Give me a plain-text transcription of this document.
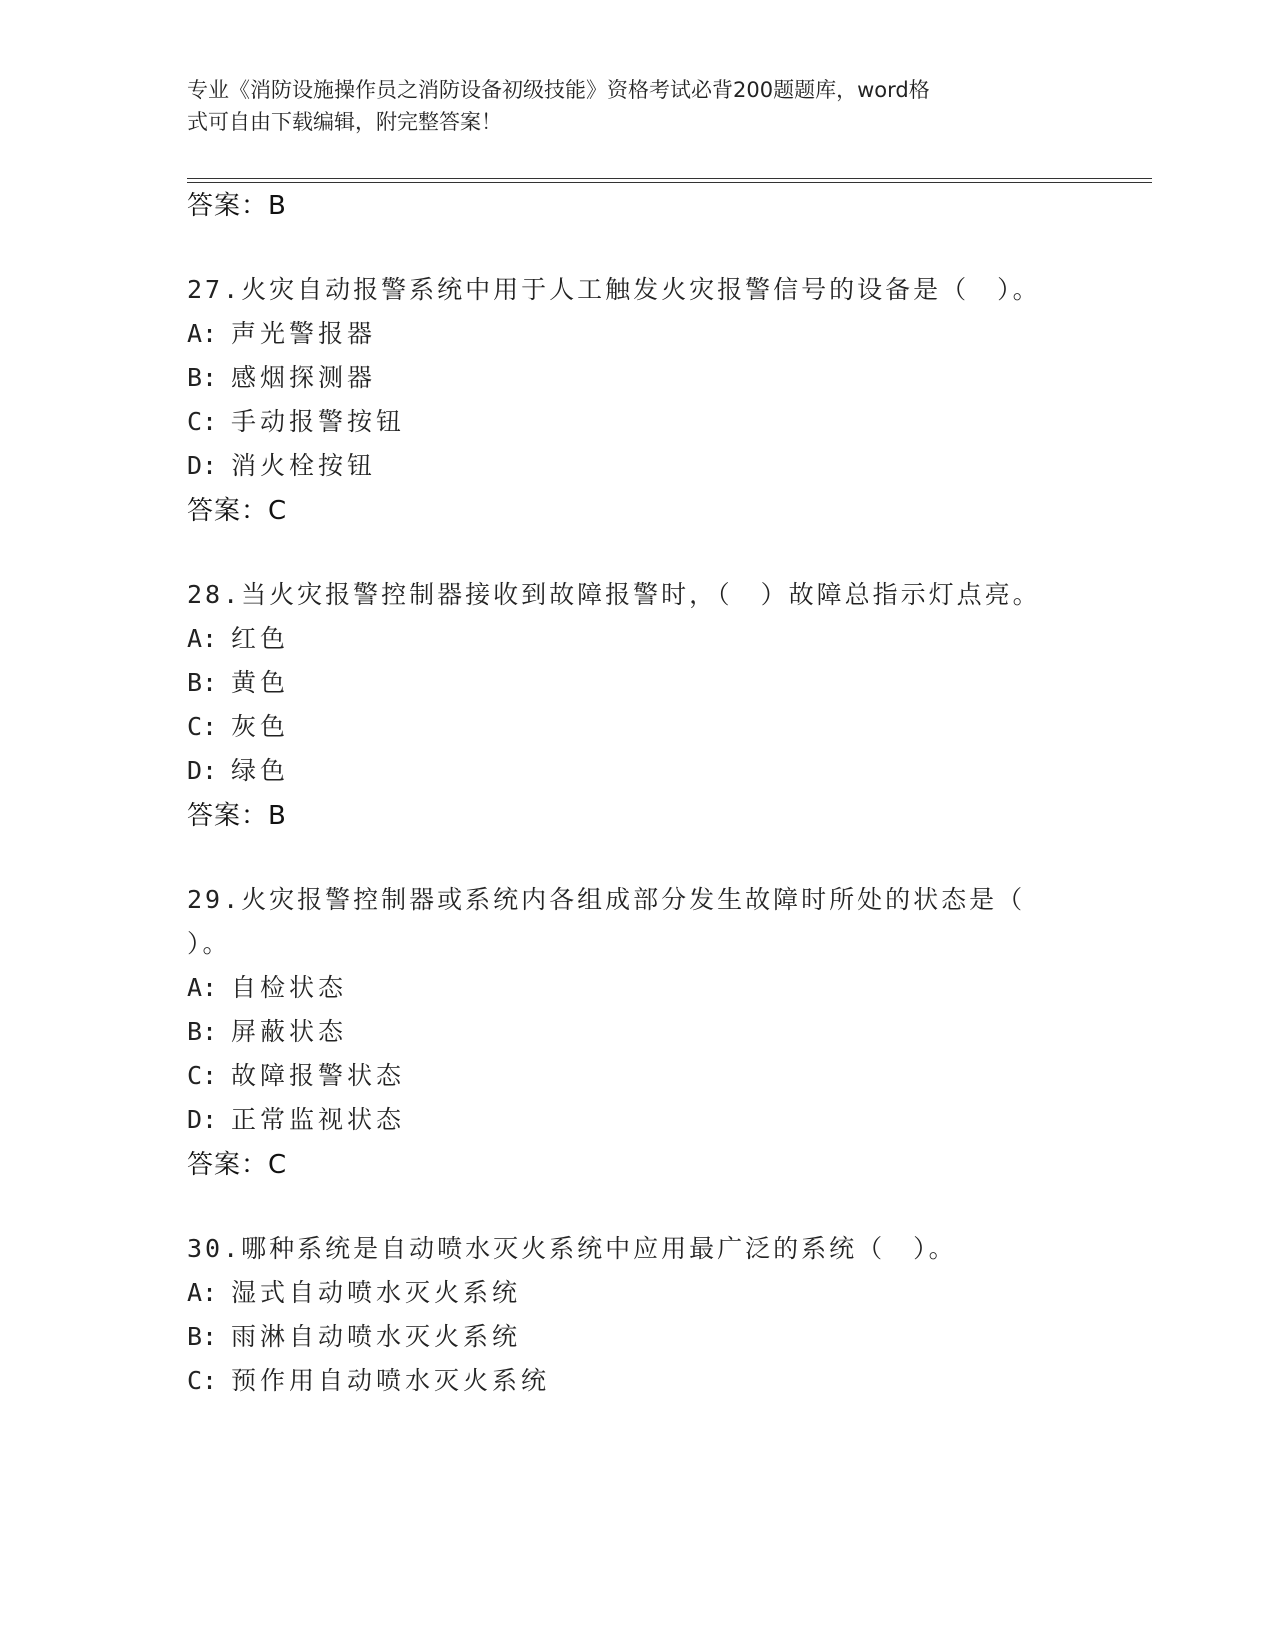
专业《消防设施操作员之消防设备初级技能》资格考试必背200题题库，word格
式可自由下载编辑，附完整答案！
答案：B
27.火灾自动报警系统中用于人工触发火灾报警信号的设备是（　）。
A: 声光警报器
B: 感烟探测器
C: 手动报警按钮
D: 消火栓按钮
答案：C
28.当火灾报警控制器接收到故障报警时，（　）故障总指示灯点亮。
A: 红色
B: 黄色
C: 灰色
D: 绿色
答案：B
29.火灾报警控制器或系统内各组成部分发生故障时所处的状态是（
）。
A: 自检状态
B: 屏蔽状态
C: 故障报警状态
D: 正常监视状态
答案：C
30.哪种系统是自动喷水灭火系统中应用最广泛的系统（　）。
A: 湿式自动喷水灭火系统
B: 雨淋自动喷水灭火系统
C: 预作用自动喷水灭火系统
